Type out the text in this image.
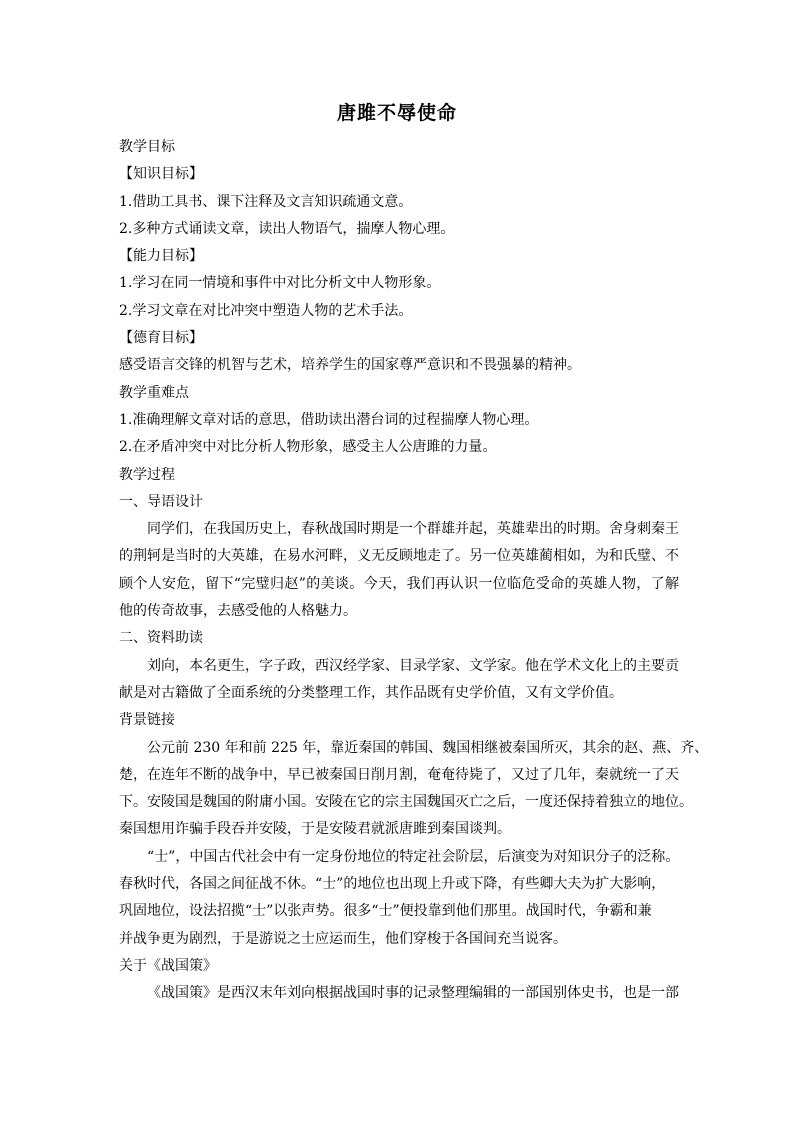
唐雎不辱使命
教学目标
【知识目标】
1.借助工具书、课下注释及文言知识疏通文意。
2.多种方式诵读文章，读出人物语气，揣摩人物心理。
【能力目标】
1.学习在同一情境和事件中对比分析文中人物形象。
2.学习文章在对比冲突中塑造人物的艺术手法。
【德育目标】
感受语言交锋的机智与艺术，培养学生的国家尊严意识和不畏强暴的精神。
教学重难点
1.准确理解文章对话的意思，借助读出潜台词的过程揣摩人物心理。
2.在矛盾冲突中对比分析人物形象，感受主人公唐雎的力量。
教学过程
一、导语设计
同学们，在我国历史上，春秋战国时期是一个群雄并起，英雄辈出的时期。舍身刺秦王
的荆轲是当时的大英雄，在易水河畔，义无反顾地走了。另一位英雄蔺相如，为和氏璧、不
顾个人安危，留下“完璧归赵”的美谈。今天，我们再认识一位临危受命的英雄人物，了解
他的传奇故事，去感受他的人格魅力。
二、资料助读
刘向，本名更生，字子政，西汉经学家、目录学家、文学家。他在学术文化上的主要贡
献是对古籍做了全面系统的分类整理工作，其作品既有史学价值，又有文学价值。
背景链接
公元前 230 年和前 225 年，靠近秦国的韩国、魏国相继被秦国所灭，其余的赵、燕、齐、
楚，在连年不断的战争中，早已被秦国日削月割，奄奄待毙了，又过了几年，秦就统一了天
下。安陵国是魏国的附庸小国。安陵在它的宗主国魏国灭亡之后，一度还保持着独立的地位。
秦国想用诈骗手段吞并安陵，于是安陵君就派唐雎到秦国谈判。
“士”，中国古代社会中有一定身份地位的特定社会阶层，后演变为对知识分子的泛称。
春秋时代，各国之间征战不休。“士”的地位也出现上升或下降，有些卿大夫为扩大影响，
巩固地位，设法招揽“士”以张声势。很多“士”便投靠到他们那里。战国时代，争霸和兼
并战争更为剧烈，于是游说之士应运而生，他们穿梭于各国间充当说客。
关于《战国策》
《战国策》是西汉末年刘向根据战国时事的记录整理编辑的一部国别体史书，也是一部
